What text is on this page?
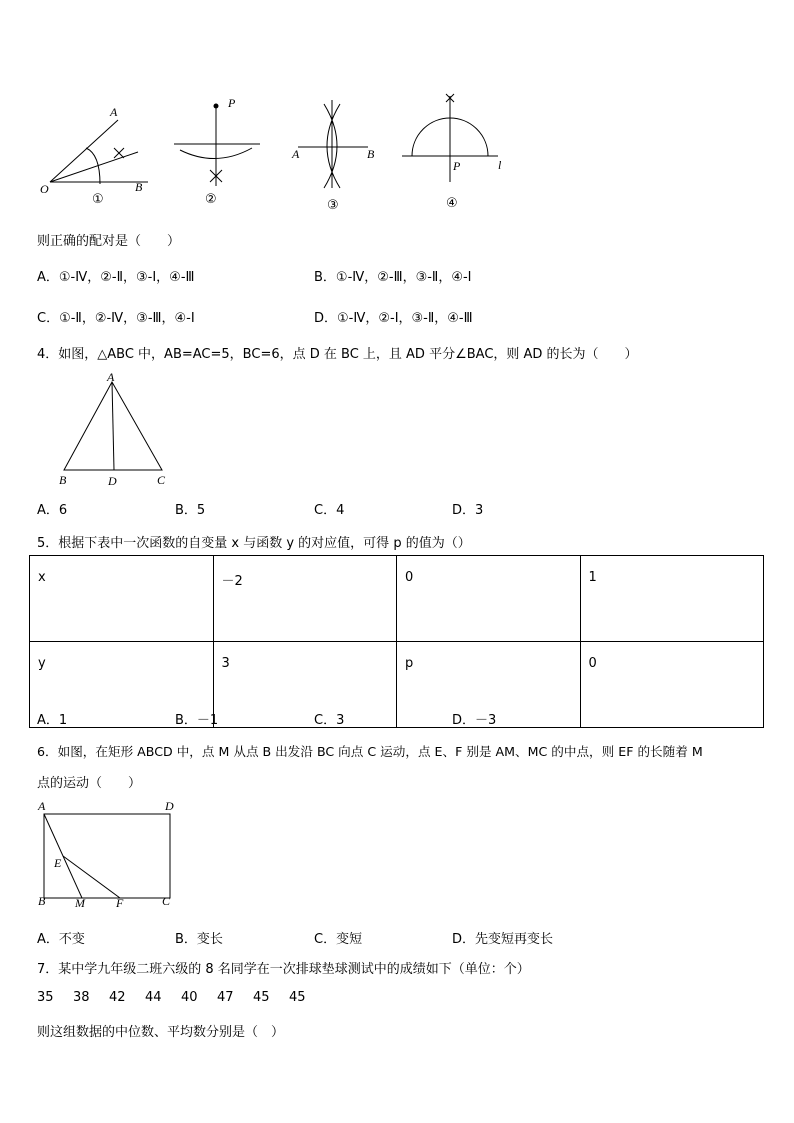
A
O	B
①
P
②
A	B
③
P	l
④
则正确的配对是（　　）
A．①-Ⅳ，②-Ⅱ，③-Ⅰ，④-Ⅲ	B．①-Ⅳ，②-Ⅲ，③-Ⅱ，④-Ⅰ
C．①-Ⅱ，②-Ⅳ，③-Ⅲ，④-Ⅰ	D．①-Ⅳ，②-Ⅰ，③-Ⅱ，④-Ⅲ
4．如图，△ABC 中，AB=AC=5，BC=6，点 D 在 BC 上，且 AD 平分∠BAC，则 AD 的长为（　　）
A
B	D	C
A．6	B．5	C．4	D．3
5．根据下表中一次函数的自变量 x 与函数 y 的对应值，可得 p 的值为（）
x	－2	0	1
y	3	p	0
A．1	B．－1	C．3	D．－3
6．如图，在矩形 ABCD 中，点 M 从点 B 出发沿 BC 向点 C 运动，点 E、F 别是 AM、MC 的中点，则 EF 的长随着 M
点的运动（　　）
A	D
E
B M	F	C
A．不变	B．变长	C．变短	D．先变短再变长
7．某中学九年级二班六级的 8 名同学在一次排球垫球测试中的成绩如下（单位：个）
35 38 42 44 40 47 45 45
则这组数据的中位数、平均数分别是（　）
